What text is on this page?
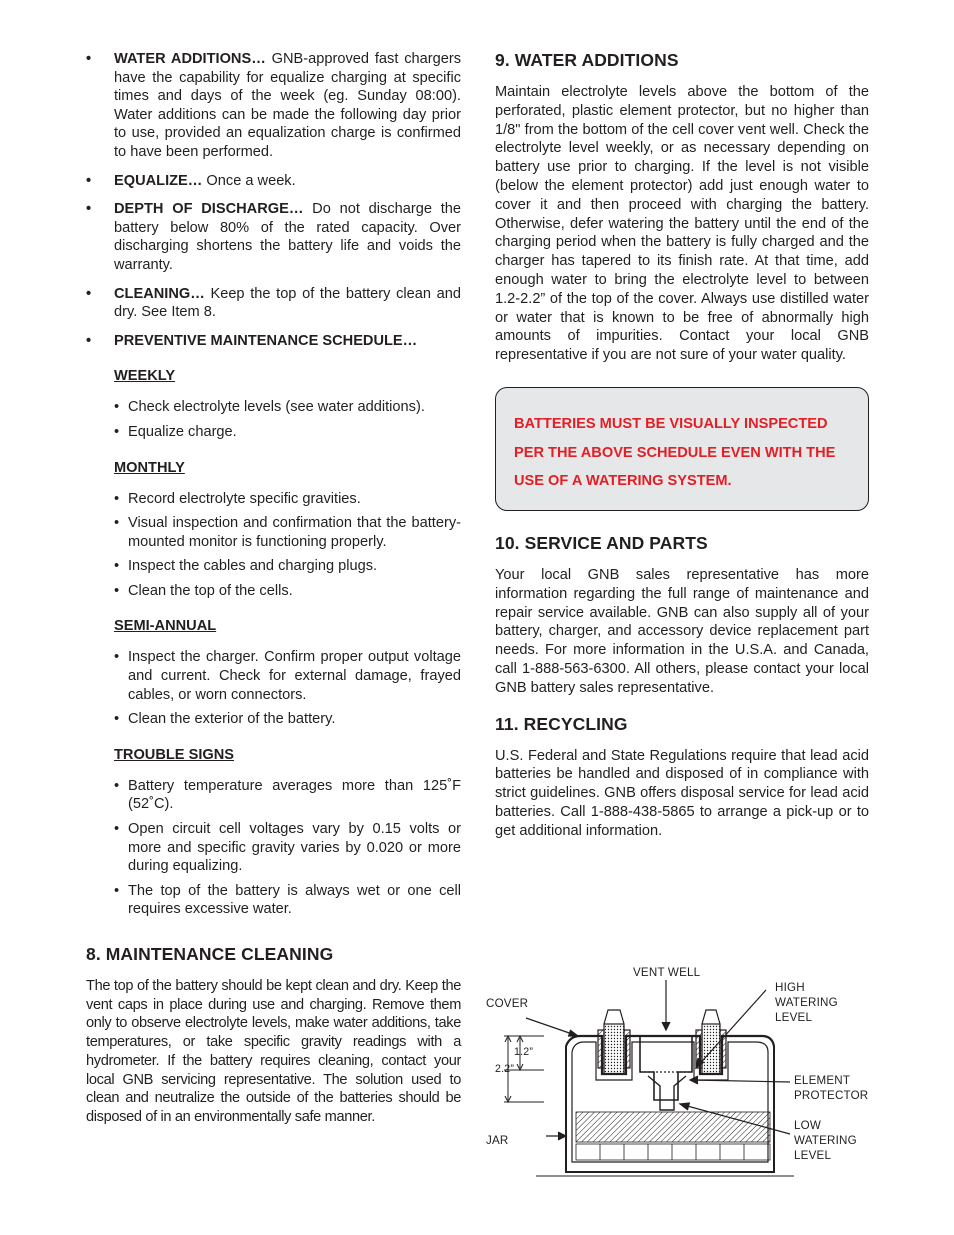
• WATER ADDITIONS… GNB-approved fast chargers have the capability for equalize charging at specific times and days of the week (eg. Sunday 08:00). Water additions can be made the following day prior to use, provided an equalization charge is confirmed to have been performed.
• EQUALIZE… Once a week.
• DEPTH OF DISCHARGE… Do not discharge the battery below 80% of the rated capacity. Over discharging shortens the battery life and voids the warranty.
• CLEANING… Keep the top of the battery clean and dry. See Item 8.
• PREVENTIVE MAINTENANCE SCHEDULE…
WEEKLY
• Check electrolyte levels (see water additions).
• Equalize charge.
MONTHLY
• Record electrolyte specific gravities.
• Visual inspection and confirmation that the battery-mounted monitor is functioning properly.
• Inspect the cables and charging plugs.
• Clean the top of the cells.
SEMI-ANNUAL
• Inspect the charger. Confirm proper output voltage and current. Check for external damage, frayed cables, or worn connectors.
• Clean the exterior of the battery.
TROUBLE SIGNS
• Battery temperature averages more than 125˚F (52˚C).
• Open circuit cell voltages vary by 0.15 volts or more and specific gravity varies by 0.020 or more during equalizing.
• The top of the battery is always wet or one cell requires excessive water.
8. MAINTENANCE CLEANING

The top of the battery should be kept clean and dry. Keep the vent caps in place during use and charging. Remove them only to observe electrolyte levels, make water additions, take temperatures, or take specific gravity readings with a hydrometer. If the battery requires cleaning, contact your local GNB servicing representative. The solution used to clean and neutralize the outside of the batteries should be disposed of in an environmentally safe manner.

9. WATER ADDITIONS

Maintain electrolyte levels above the bottom of the perforated, plastic element protector, but no higher than 1/8" from the bottom of the cell cover vent well. Check the electrolyte level weekly, or as necessary depending on battery use prior to charging. If the level is not visible (below the element protector) add just enough water to cover it and then proceed with charging the battery. Otherwise, defer watering the battery until the end of the charging period when the battery is fully charged and the charger has tapered to its finish rate. At that time, add enough water to bring the electrolyte level to between 1.2-2.2” of the top of the cover. Always use distilled water or water that is known to be free of abnormally high amounts of impurities. Contact your local GNB representative if you are not sure of your water quality.

BATTERIES MUST BE VISUALLY INSPECTED
PER THE ABOVE SCHEDULE EVEN WITH THE
USE OF A WATERING SYSTEM.
10. SERVICE AND PARTS

Your local GNB sales representative has more information regarding the full range of maintenance and repair service available. GNB can also supply all of your battery, charger, and accessory device replacement part needs. For more information in the U.S.A. and Canada, call 1-888-563-6300. All others, please contact your local GNB battery sales representative.

11. RECYCLING

U.S. Federal and State Regulations require that lead acid batteries be handled and disposed of in compliance with strict guidelines. GNB offers disposal service for lead acid batteries. Call 1-888-438-5865 to arrange a pick-up or to get additional information.

VENT WELL
HIGH
WATERING
LEVEL
COVER
1.2”
2.2”
ELEMENT
PROTECTOR
JAR
LOW
WATERING
LEVEL
